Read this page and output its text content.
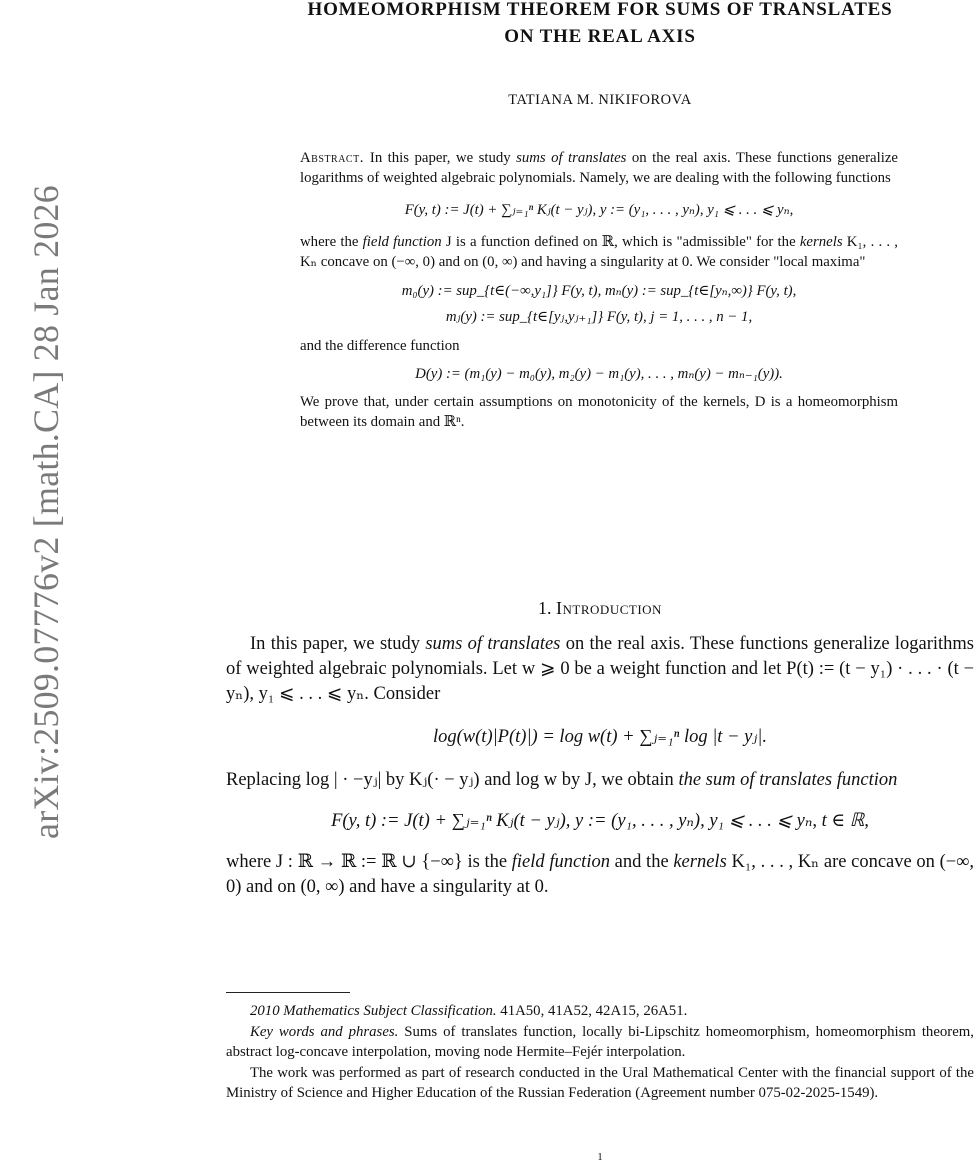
arXiv:2509.07776v2 [math.CA] 28 Jan 2026
HOMEOMORPHISM THEOREM FOR SUMS OF TRANSLATES
ON THE REAL AXIS
TATIANA M. NIKIFOROVA

Abstract. In this paper, we study sums of translates on the real axis. These functions generalize logarithms of weighted algebraic polynomials. Namely, we are dealing with the following functions

F(y, t) := J(t) + ∑ⱼ₌₁ⁿ Kⱼ(t − yⱼ), y := (y₁, . . . , yₙ), y₁ ⩽ . . . ⩽ yₙ,

where the field function J is a function defined on ℝ, which is "admissible" for the kernels K₁, . . . , Kₙ concave on (−∞, 0) and on (0, ∞) and having a singularity at 0. We consider "local maxima"

m₀(y) := sup_{t∈(−∞,y₁]} F(y, t), mₙ(y) := sup_{t∈[yₙ,∞)} F(y, t),
mⱼ(y) := sup_{t∈[yⱼ,yⱼ₊₁]} F(y, t), j = 1, . . . , n − 1,

and the difference function

D(y) := (m₁(y) − m₀(y), m₂(y) − m₁(y), . . . , mₙ(y) − mₙ₋₁(y)).

We prove that, under certain assumptions on monotonicity of the kernels, D is a homeomorphism between its domain and ℝⁿ.

1. Introduction

In this paper, we study sums of translates on the real axis. These functions generalize logarithms of weighted algebraic polynomials. Let w ⩾ 0 be a weight function and let P(t) := (t − y₁) · . . . · (t − yₙ), y₁ ⩽ . . . ⩽ yₙ. Consider

log(w(t)|P(t)|) = log w(t) + ∑ⱼ₌₁ⁿ log |t − yⱼ|.

Replacing log | · −yⱼ| by Kⱼ(· − yⱼ) and log w by J, we obtain the sum of translates function

F(y, t) := J(t) + ∑ⱼ₌₁ⁿ Kⱼ(t − yⱼ), y := (y₁, . . . , yₙ), y₁ ⩽ . . . ⩽ yₙ, t ∈ ℝ,

where J : ℝ → ℝ := ℝ ∪ {−∞} is the field function and the kernels K₁, . . . , Kₙ are concave on (−∞, 0) and on (0, ∞) and have a singularity at 0.

2010 Mathematics Subject Classification. 41A50, 41A52, 42A15, 26A51.

Key words and phrases. Sums of translates function, locally bi-Lipschitz homeomorphism, homeomorphism theorem, abstract log-concave interpolation, moving node Hermite–Fejér interpolation.

The work was performed as part of research conducted in the Ural Mathematical Center with the financial support of the Ministry of Science and Higher Education of the Russian Federation (Agreement number 075-02-2025-1549).

1
